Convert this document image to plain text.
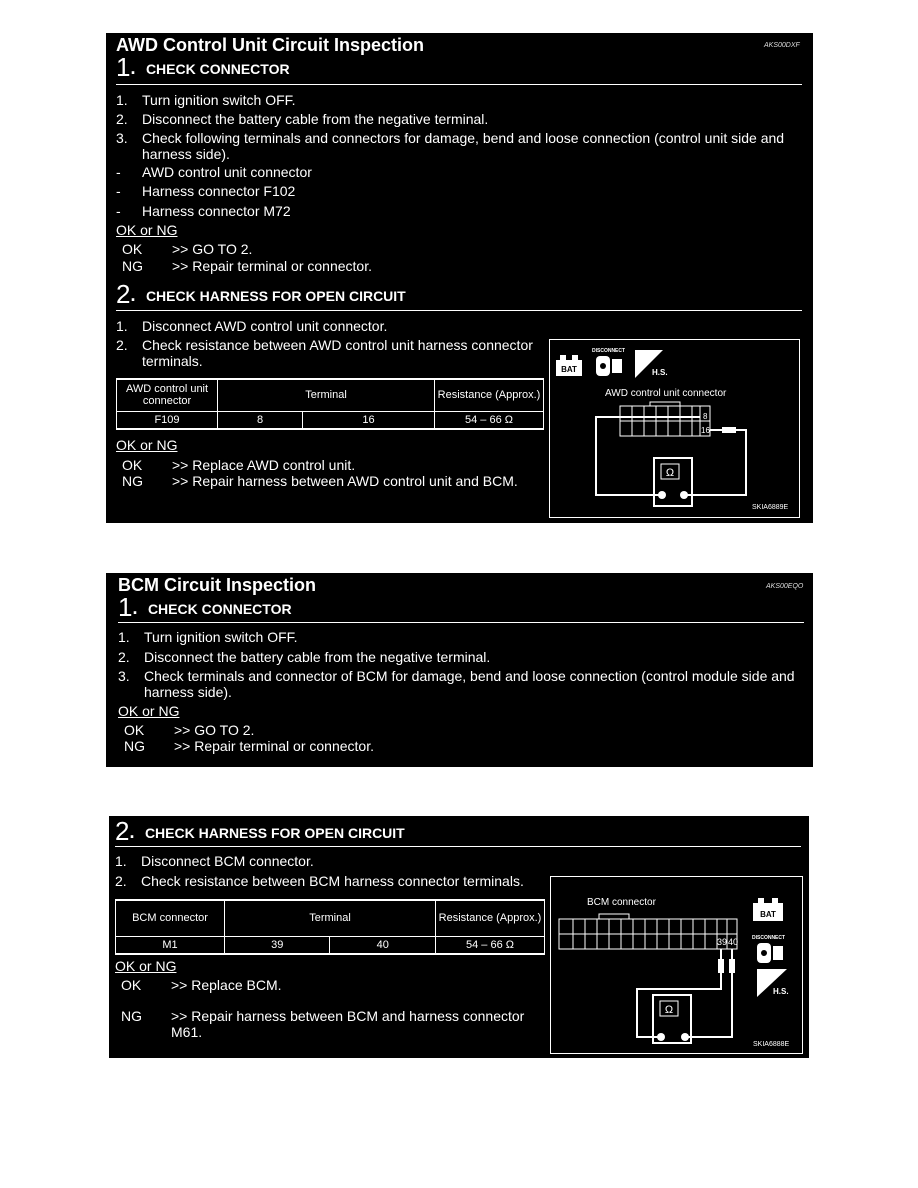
AWD Control Unit Circuit Inspection	AKS00DXF
1. CHECK CONNECTOR
1. Turn ignition switch OFF.
2. Disconnect the battery cable from the negative terminal.
3. Check following terminals and connectors for damage, bend and loose connection (control unit side and harness side).
- AWD control unit connector
- Harness connector F102
- Harness connector M72
OK or NG
OK >> GO TO 2.
NG >> Repair terminal or connector.
2. CHECK HARNESS FOR OPEN CIRCUIT
1. Disconnect AWD control unit connector.
2. Check resistance between AWD control unit harness connector terminals.
AWD control unit connector	Terminal		Resistance (Approx.)
F109	8	16	54 – 66 Ω
OK or NG
OK >> Replace AWD control unit.
NG >> Repair harness between AWD control unit and BCM.
BAT
DISCONNECT
H.S.
AWD control unit connector
8
16
Ω
SKIA6889E
BCM Circuit Inspection	AKS00EQO
1. CHECK CONNECTOR
1. Turn ignition switch OFF.
2. Disconnect the battery cable from the negative terminal.
3. Check terminals and connector of BCM for damage, bend and loose connection (control module side and harness side).
OK or NG
OK >> GO TO 2.
NG >> Repair terminal or connector.
2. CHECK HARNESS FOR OPEN CIRCUIT
1. Disconnect BCM connector.
2. Check resistance between BCM harness connector terminals.
BCM connector	Terminal		Resistance (Approx.)
M1	39	40	54 – 66 Ω
OK or NG
OK >> Replace BCM.
NG >> Repair harness between BCM and harness connector M61.
BCM connector
39 40
Ω
BAT
DISCONNECT
H.S.
SKIA6888E
